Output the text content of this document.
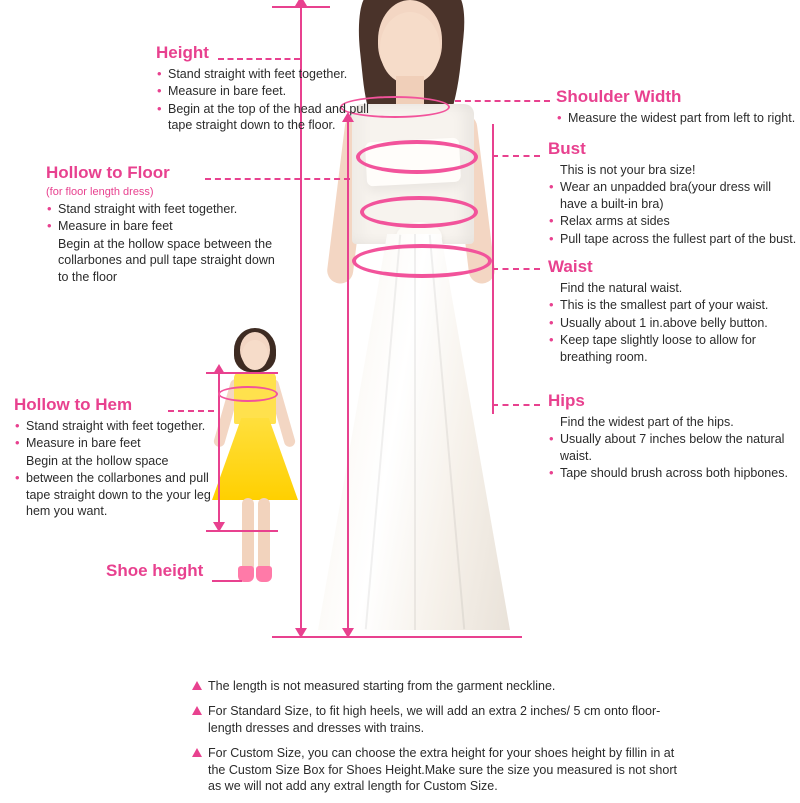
Height

• Stand straight with feet together.
• Measure in bare feet.
• Begin at the top of the head and pull tape straight down to the floor.

Hollow to Floor

(for floor length dress)

• Stand straight with feet together.
• Measure in bare feet
Begin at the hollow space between the collarbones and pull tape straight down to the floor

Hollow to Hem

• Stand straight with feet together.
• Measure in bare feet
Begin at the hollow space
• between the collarbones and pull tape straight down to the your leg hem you want.

Shoe height

Shoulder Width

• Measure the widest part from left to right.

Bust

This is not your bra size!
• Wear an unpadded bra(your dress will have a built-in bra)
• Relax arms at sides
• Pull tape across the fullest part of the bust.

Waist

Find the natural waist.
• This is the smallest part of your waist.
• Usually about 1 in.above belly button.
• Keep tape slightly loose to allow for breathing room.

Hips

Find the widest part of the hips.
• Usually about 7 inches below the natural waist.
• Tape should brush across both hipbones.
The length is not measured starting from the garment neckline.
For Standard Size, to fit high heels, we will add an extra 2 inches/ 5 cm onto floor-length dresses and dresses with trains.
For Custom Size, you can choose the extra height for your shoes height by fillin in at the Custom Size Box for Shoes Height.Make sure the size you measured is not short as we will not add any extral length for Custom Size.
